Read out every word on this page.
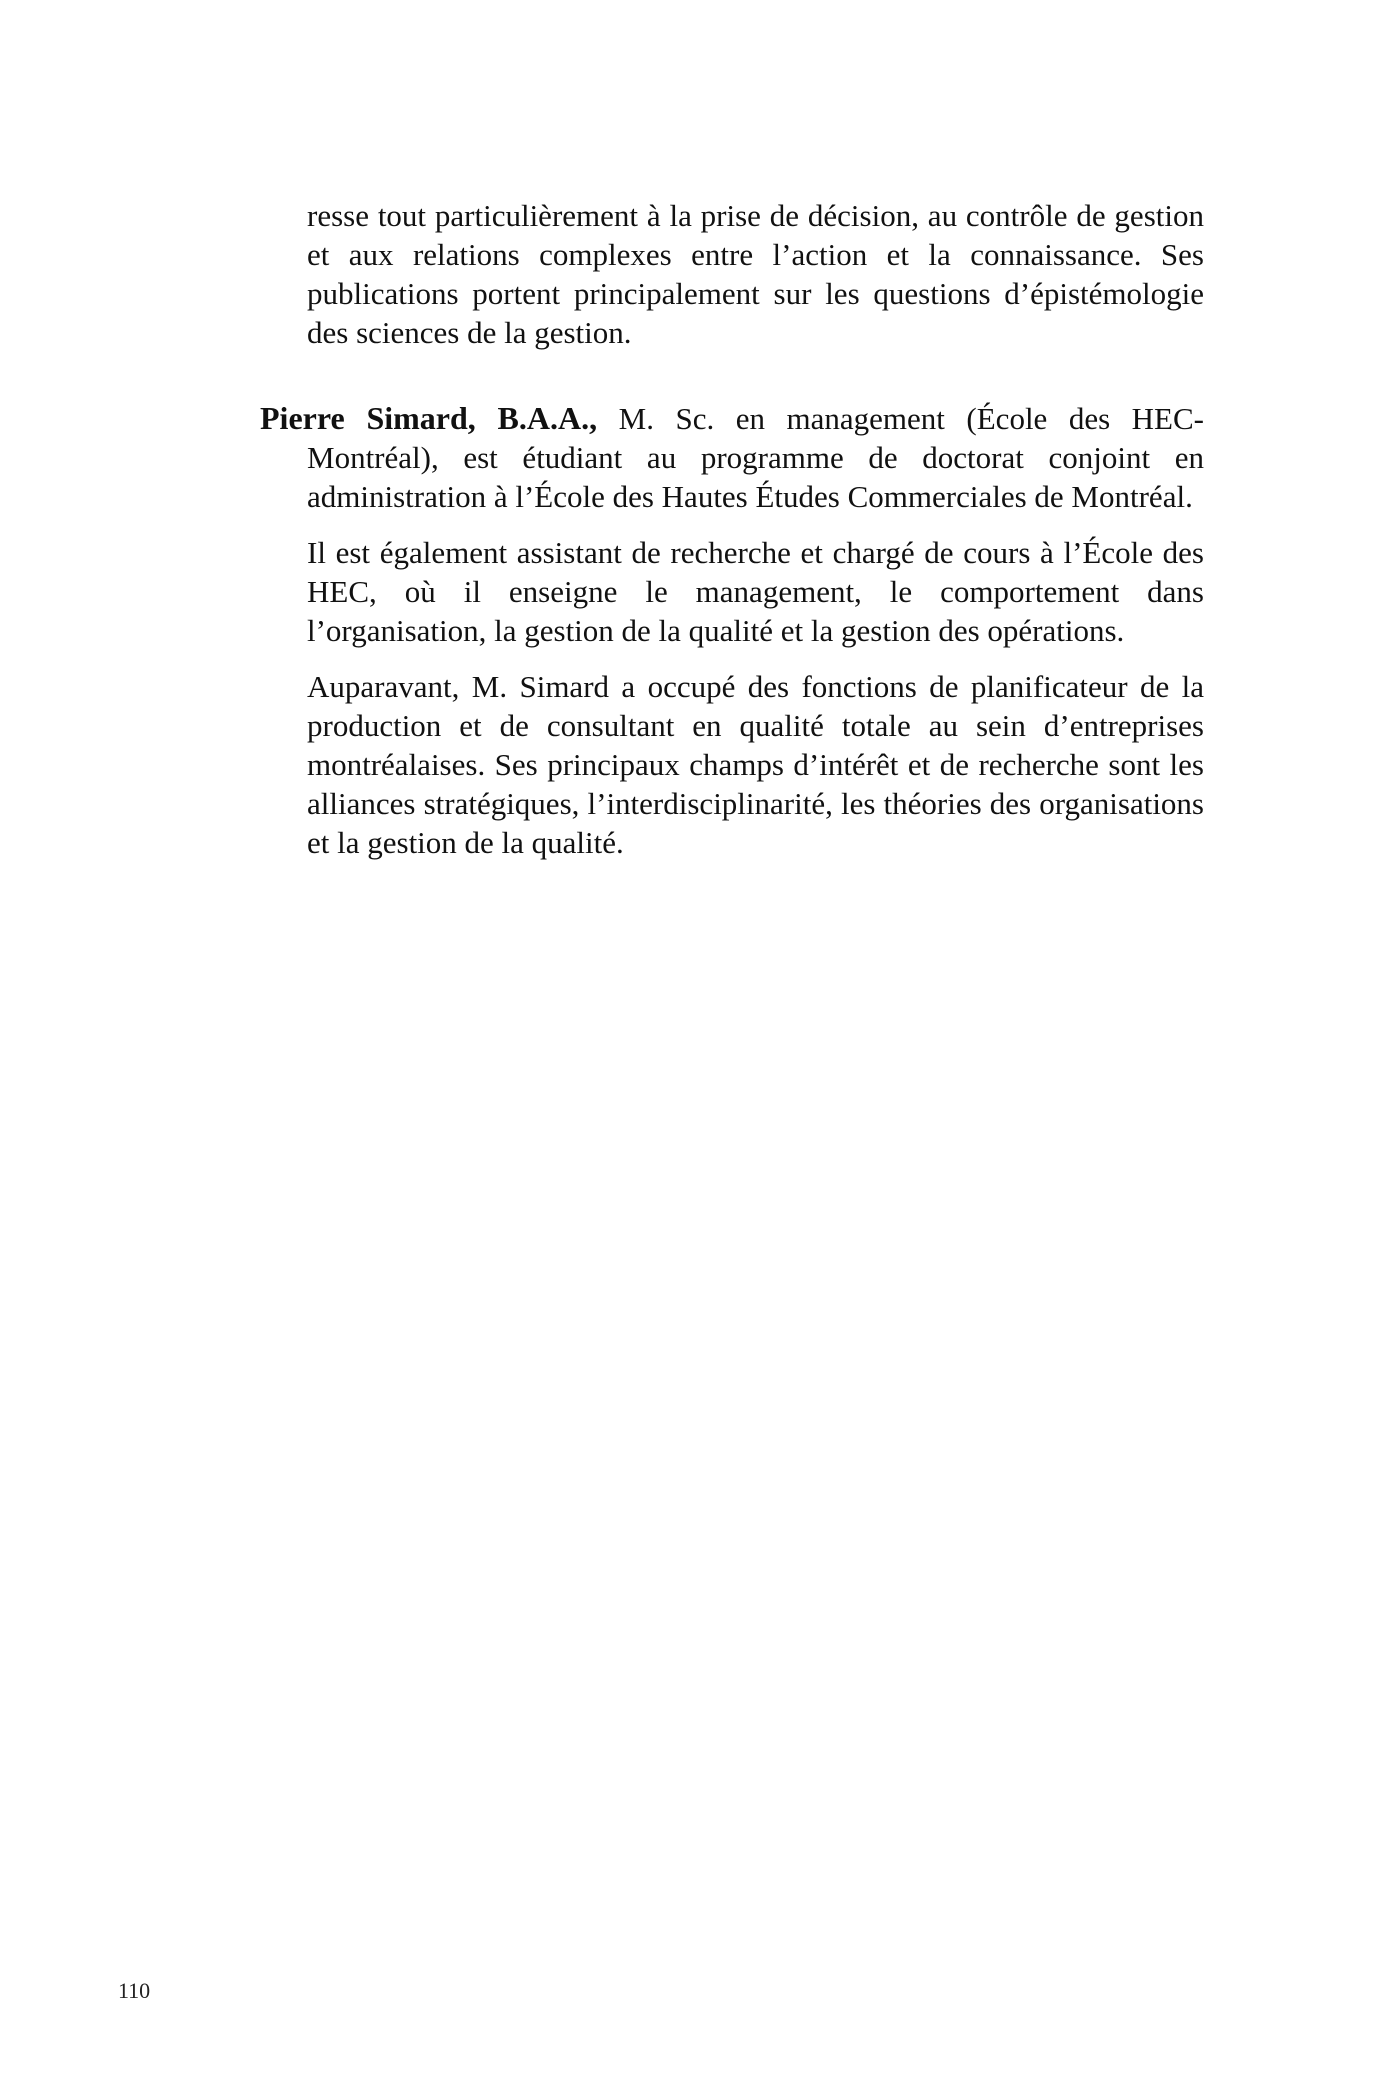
resse tout particulièrement à la prise de décision, au contrôle de gestion et aux relations complexes entre l’action et la connaissance. Ses publications portent principalement sur les questions d’épistémologie des sciences de la gestion.

Pierre Simard, B.A.A., M. Sc. en management (École des HEC-Montréal), est étudiant au programme de doctorat conjoint en administration à l’École des Hautes Études Commerciales de Montréal.

Il est également assistant de recherche et chargé de cours à l’École des HEC, où il enseigne le management, le comportement dans l’organisation, la gestion de la qualité et la gestion des opérations.

Auparavant, M. Simard a occupé des fonctions de planificateur de la production et de consultant en qualité totale au sein d’entreprises montréalaises. Ses principaux champs d’intérêt et de recherche sont les alliances stratégiques, l’interdisciplinarité, les théories des organisations et la gestion de la qualité.

110
